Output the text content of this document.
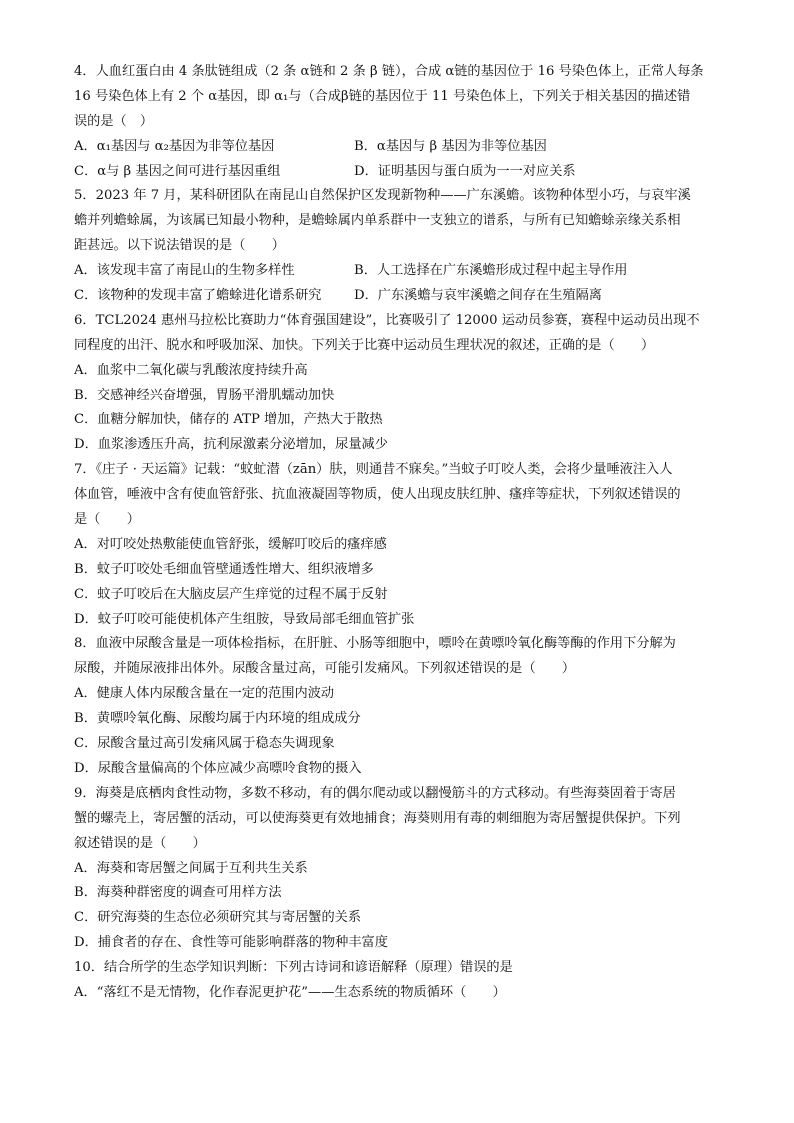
4．人血红蛋白由 4 条肽链组成（2 条 α链和 2 条 β 链），合成 α链的基因位于 16 号染色体上，正常人每条
16 号染色体上有 2 个 α基因，即 α₁与（合成β链的基因位于 11 号染色体上，下列关于相关基因的描述错
误的是（　）
A．α₁基因与 α₂基因为非等位基因	B．α基因与 β 基因为非等位基因
C．α与 β 基因之间可进行基因重组	D．证明基因与蛋白质为一一对应关系
5．2023 年 7 月，某科研团队在南昆山自然保护区发现新物种——广东溪蟾。该物种体型小巧，与哀牢溪
蟾并列蟾蜍属，为该属已知最小物种，是蟾蜍属内单系群中一支独立的谱系，与所有已知蟾蜍亲缘关系相
距甚远。以下说法错误的是（　　）
A．该发现丰富了南昆山的生物多样性	B．人工选择在广东溪蟾形成过程中起主导作用
C．该物种的发现丰富了蟾蜍进化谱系研究	D．广东溪蟾与哀牢溪蟾之间存在生殖隔离
6．TCL2024 惠州马拉松比赛助力“体育强国建设”，比赛吸引了 12000 运动员参赛，赛程中运动员出现不
同程度的出汗、脱水和呼吸加深、加快。下列关于比赛中运动员生理状况的叙述，正确的是（　　）
A．血浆中二氧化碳与乳酸浓度持续升高
B．交感神经兴奋增强，胃肠平滑肌蠕动加快
C．血糖分解加快，储存的 ATP 增加，产热大于散热
D．血浆渗透压升高，抗利尿激素分泌增加，尿量减少
7．《庄子 · 天运篇》记载：“蚊虻潜（zān）肤，则通昔不寐矣。”当蚊子叮咬人类，会将少量唾液注入人
体血管，唾液中含有使血管舒张、抗血液凝固等物质，使人出现皮肤红肿、瘙痒等症状，下列叙述错误的
是（　　）
A．对叮咬处热敷能使血管舒张，缓解叮咬后的瘙痒感
B．蚊子叮咬处毛细血管壁通透性增大、组织液增多
C．蚊子叮咬后在大脑皮层产生痒觉的过程不属于反射
D．蚊子叮咬可能使机体产生组胺，导致局部毛细血管扩张
8．血液中尿酸含量是一项体检指标，在肝脏、小肠等细胞中，嘌呤在黄嘌呤氧化酶等酶的作用下分解为
尿酸，并随尿液排出体外。尿酸含量过高，可能引发痛风。下列叙述错误的是（　　）
A．健康人体内尿酸含量在一定的范围内波动
B．黄嘌呤氧化酶、尿酸均属于内环境的组成成分
C．尿酸含量过高引发痛风属于稳态失调现象
D．尿酸含量偏高的个体应减少高嘌呤食物的摄入
9．海葵是底栖肉食性动物，多数不移动，有的偶尔爬动或以翻慢筋斗的方式移动。有些海葵固着于寄居
蟹的螺壳上，寄居蟹的活动，可以使海葵更有效地捕食；海葵则用有毒的刺细胞为寄居蟹提供保护。下列
叙述错误的是（　　）
A．海葵和寄居蟹之间属于互利共生关系
B．海葵种群密度的调查可用样方法
C．研究海葵的生态位必须研究其与寄居蟹的关系
D．捕食者的存在、食性等可能影响群落的物种丰富度
10．结合所学的生态学知识判断：下列古诗词和谚语解释（原理）错误的是
A．“落红不是无情物，化作春泥更护花”——生态系统的物质循环（　　）
